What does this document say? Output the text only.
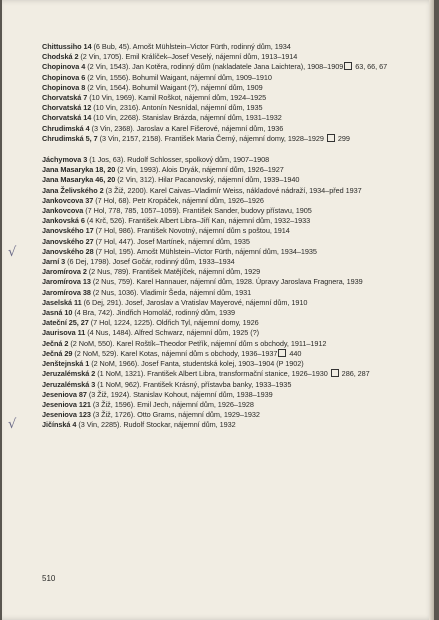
Chittussiho 14 (6 Bub, 45). Arnošt Mühlstein–Victor Fürth, rodinný dům, 1934
Chodská 2 (2 Vin, 1705). Emil Králíček–Josef Veselý, nájemní dům, 1913–1914
Chopinova 4 (2 Vin, 1543). Jan Kotěra, rodinný dům (nakladatele Jana Laichtera), 1908–1909 63, 66, 67
Chopinova 6 (2 Vin, 1556). Bohumil Waigant, nájemní dům, 1909–1910
Chopinova 8 (2 Vin, 1564). Bohumil Waigant (?), nájemní dům, 1909
Chorvatská 7 (10 Vin, 1969). Kamil Roškot, nájemní dům, 1924–1925
Chorvatská 12 (10 Vin, 2316). Antonín Nesnídal, nájemní dům, 1935
Chorvatská 14 (10 Vin, 2268). Stanislav Brázda, nájemní dům, 1931–1932
Chrudimská 4 (3 Vin, 2368). Jaroslav a Karel Fišerové, nájemní dům, 1936
Chrudimská 5, 7 (3 Vin, 2157, 2158). František Maria Černý, nájemní domy, 1928–1929  299
Jáchymova 3 (1 Jos, 63). Rudolf Schlosser, spolkový dům, 1907–1908
Jana Masaryka 18, 20 (2 Vin, 1993). Alois Dryák, nájemní dům, 1926–1927
Jana Masaryka 46, 20 (2 Vin, 312). Hilar Pacanovský, nájemní dům, 1939–1940
Jana Želivského 2 (3 Žiž, 2200). Karel Caivas–Vladimír Weiss, nákladové nádraží, 1934–před 1937
Jankovcova 37 (7 Hol, 68). Petr Kropáček, nájemní dům, 1926–1926
Jankovcova (7 Hol, 778, 785, 1057–1059). František Sander, budovy přístavu, 1905
Jankovská 6 (4 Krč, 526). František Albert Libra–Jiří Kan, nájemní dům, 1932–1933
Janovského 17 (7 Hol, 986). František Novotný, nájemní dům s poštou, 1914
Janovského 27 (7 Hol, 447). Josef Martínek, nájemní dům, 1935
Janovského 28 (7 Hol, 195). Arnošt Mühlstein–Victor Fürth, nájemní dům, 1934–1935
Jarní 3 (6 Dej, 1798). Josef Gočár, rodinný dům, 1933–1934
Jaromírova 2 (2 Nus, 789). František Matějíček, nájemní dům, 1929
Jaromírova 13 (2 Nus, 759). Karel Hannauer, nájemní dům, 1928. Úpravy Jaroslava Fragnera, 1939
Jaromírova 38 (2 Nus, 1036). Vladimír Šeda, nájemní dům, 1931
Jaselská 11 (6 Dej, 291). Josef, Jaroslav a Vratislav Mayerové, nájemní dům, 1910
Jasná 10 (4 Bra, 742). Jindřich Homoláč, rodinný dům, 1939
Jateční 25, 27 (7 Hol, 1224, 1225). Oldřich Tyl, nájemní domy, 1926
Jaurisova 11 (4 Nus, 1484). Alfred Schwarz, nájemní dům, 1925 (?)
Ječná 2 (2 NoM, 550). Karel Roštík–Theodor Petřík, nájemní dům s obchody, 1911–1912
Ječná 29 (2 NoM, 529). Karel Kotas, nájemní dům s obchody, 1936–1937 440
Jenštejnská 1 (2 NoM, 1966). Josef Fanta, studentská kolej, 1903–1904 (P 1902)
Jeruzalémská 2 (1 NoM, 1321). František Albert Libra, transformační stanice, 1926–1930  286, 287
Jeruzalémská 3 (1 NoM, 962). František Krásný, přístavba banky, 1933–1935
Jeseniova 87 (3 Žiž, 1924). Stanislav Kohout, nájemní dům, 1938–1939
Jeseniova 121 (3 Žiž, 1596). Emil Jech, nájemní dům, 1926–1928
Jeseniova 123 (3 Žiž, 1726). Otto Grams, nájemní dům, 1929–1932
Jičínská 4 (3 Vin, 2285). Rudolf Stockar, nájemní dům, 1932
√
√
510
